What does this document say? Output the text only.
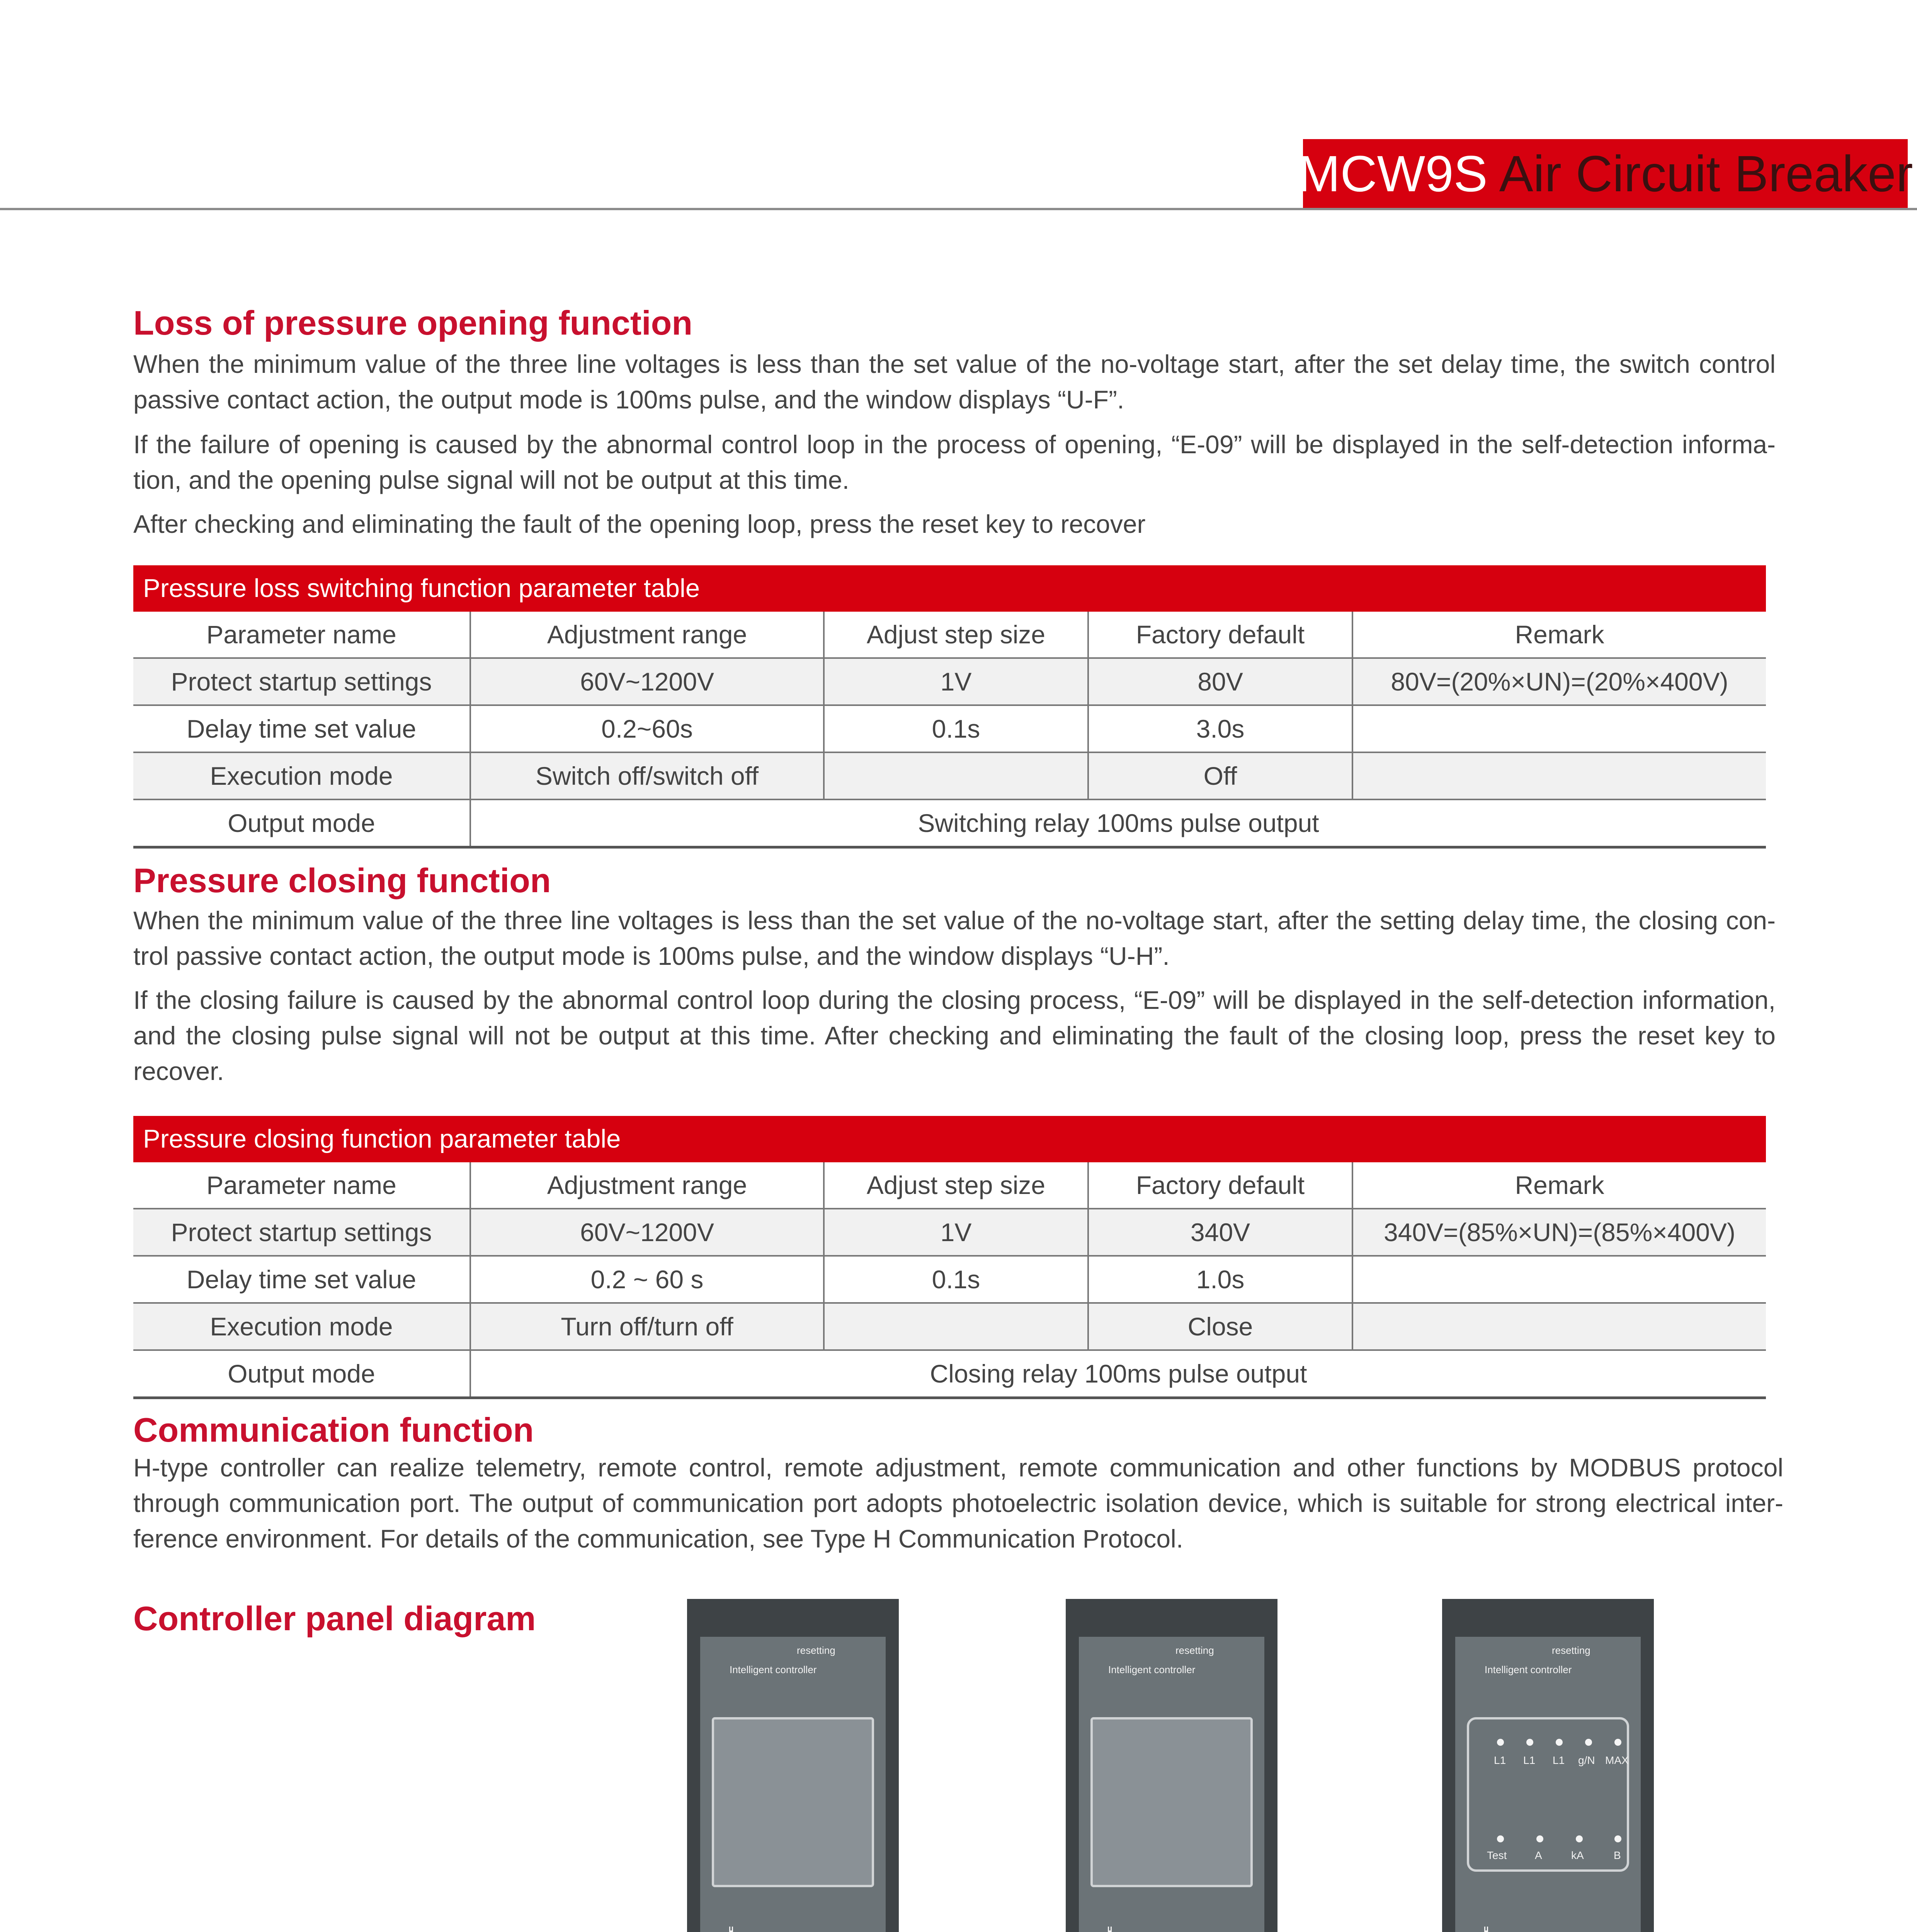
MCW9S Air Circuit Breaker
Loss of pressure opening function
When the minimum value of the three line voltages is less than the set value of the no-voltage start, after the set delay time, the switch control passive contact action, the output mode is 100ms pulse, and the window displays “U-F”.
If the failure of opening is caused by the abnormal control loop in the process of opening, “E-09” will be displayed in the self-detection informa-tion, and the opening pulse signal will not be output at this time.
After checking and eliminating the fault of the opening loop, press the reset key to recover
Pressure loss switching function parameter table
Parameter name	Adjustment range	Adjust step size	Factory default	Remark
Protect startup settings	60V~1200V	1V	80V	80V=(20%×UN)=(20%×400V)
Delay time set value	0.2~60s	0.1s	3.0s	
Execution mode	Switch off/switch off		Off	
Output mode	Switching relay 100ms pulse output			
Pressure closing function
When the minimum value of the three line voltages is less than the set value of the no-voltage start, after the setting delay time, the closing con-trol passive contact action, the output mode is 100ms pulse, and the window displays “U-H”.
If the closing failure is caused by the abnormal control loop during the closing process, “E-09” will be displayed in the self-detection information, and the closing pulse signal will not be output at this time. After checking and eliminating the fault of the closing loop, press the reset key to recover.
Pressure closing function parameter table
Parameter name	Adjustment range	Adjust step size	Factory default	Remark
Protect startup settings	60V~1200V	1V	340V	340V=(85%×UN)=(85%×400V)
Delay time set value	0.2 ~ 60 s	0.1s	1.0s	
Execution mode	Turn off/turn off		Close	
Output mode	Closing relay 100ms pulse output			
Communication function
H-type controller can realize telemetry, remote control, remote adjustment, remote communication and other functions by MODBUS protocol through communication port. The output of communication port adopts photoelectric isolation device, which is suitable for strong electrical inter-ference environment. For details of the communication, see Type H Communication Protocol.
Controller panel diagram
resetting
Intelligent controller
resetting
Intelligent controller
resetting
Intelligent controller
L1 L1 L1 g/N MAX
Test	A	kA	B
